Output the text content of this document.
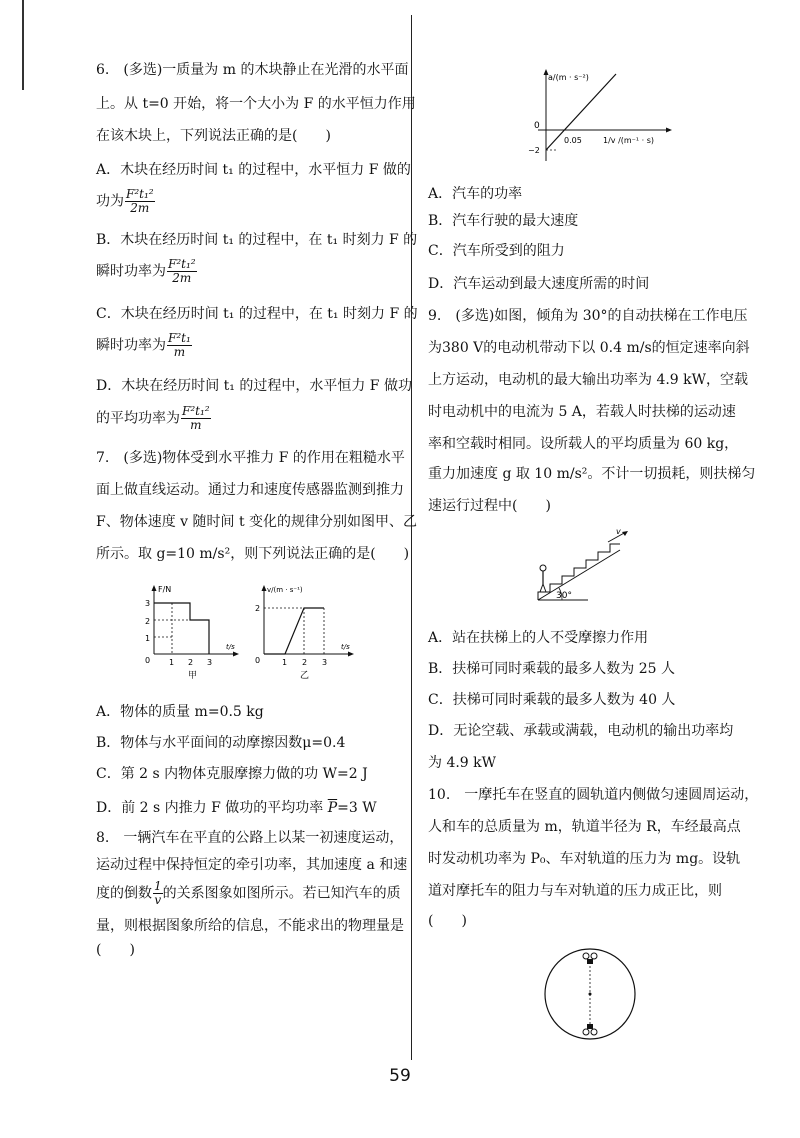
6.　(多选)一质量为 m 的木块静止在光滑的水平面
上。从 t=0 开始，将一个大小为 F 的水平恒力作用
在该木块上，下列说法正确的是(　　)
A．木块在经历时间 t₁ 的过程中，水平恒力 F 做的
功为 $\frac{\text{F²t₁²}}{2m}$
B．木块在经历时间 t₁ 的过程中，在 t₁ 时刻力 F 的
瞬时功率为 $\frac{\text{F²t₁²}}{2m}$
C．木块在经历时间 t₁ 的过程中，在 t₁ 时刻力 F 的
瞬时功率为 $\frac{\text{F²t₁}}{m}$
D．木块在经历时间 t₁ 的过程中，水平恒力 F 做功
的平均功率为 $\frac{\text{F²t₁²}}{m}$
7.　(多选)物体受到水平推力 F 的作用在粗糙水平
面上做直线运动。通过力和速度传感器监测到推力
F、物体速度 v 随时间 t 变化的规律分别如图甲、乙
所示。取 g=10 m/s²，则下列说法正确的是(　　)
F/N
t/s
3
2
1
0 1 2 3
甲
v/(m · s⁻¹)
t/s
2
0	1 2 3
乙
A．物体的质量 m=0.5 kg
B．物体与水平面间的动摩擦因数μ=0.4
C．第 2 s 内物体克服摩擦力做的功 W=2 J
D．前 2 s 内推力 F 做功的平均功率 $\overline{P}=3$ W
8.　一辆汽车在平直的公路上以某一初速度运动，
运动过程中保持恒定的牵引功率，其加速度 a 和速
度的倒数 $\frac{1}{v}$ 的关系图象如图所示。若已知汽车的质
量，则根据图象所给的信息，不能求出的物理量是
(　　)
a/(m · s⁻²)
1/v /(m⁻¹ · s)
0
0.05
−2
A．汽车的功率
B．汽车行驶的最大速度
C．汽车所受到的阻力
D．汽车运动到最大速度所需的时间
9.　(多选)如图，倾角为 30°的自动扶梯在工作电压
为380 V的电动机带动下以 0.4 m/s的恒定速率向斜
上方运动，电动机的最大输出功率为 4.9 kW，空载
时电动机中的电流为 5 A，若载人时扶梯的运动速
率和空载时相同。设所载人的平均质量为 60 kg，
重力加速度 g 取 10 m/s²。不计一切损耗，则扶梯匀
速运行过程中(　　)
30°
v
A．站在扶梯上的人不受摩擦力作用
B．扶梯可同时乘载的最多人数为 25 人
C．扶梯可同时乘载的最多人数为 40 人
D．无论空载、承载或满载，电动机的输出功率均
为 4.9 kW
10.　一摩托车在竖直的圆轨道内侧做匀速圆周运动，
人和车的总质量为 m，轨道半径为 R，车经最高点
时发动机功率为 P₀、车对轨道的压力为 mg。设轨
道对摩托车的阻力与车对轨道的压力成正比，则
(　　)
59
